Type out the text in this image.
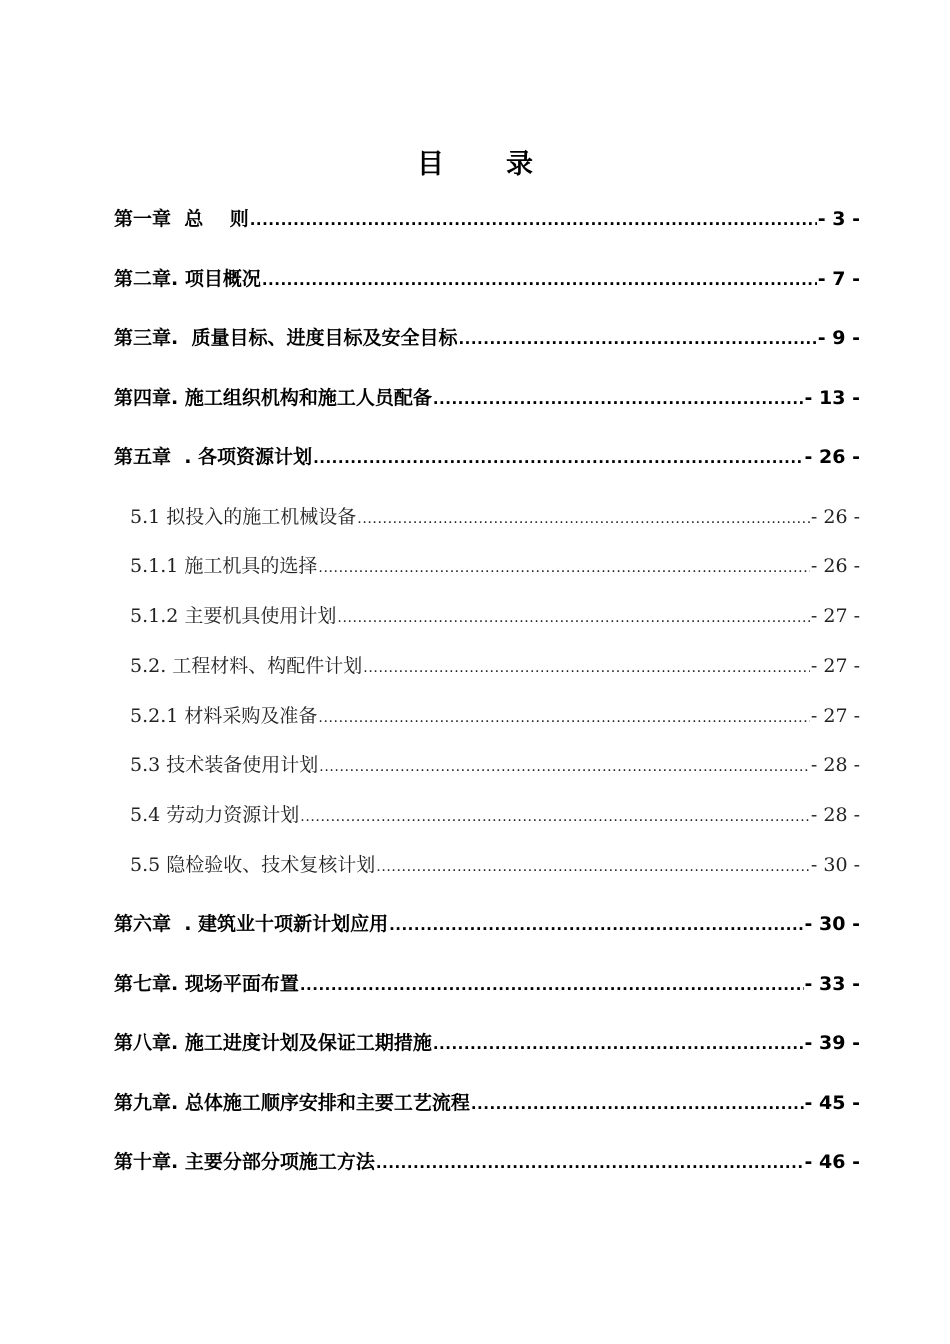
目 录
第一章  总    则 .....	- 3 -
第二章. 项目概况 .....	- 7 -
第三章.  质量目标、进度目标及安全目标 .....	- 9 -
第四章. 施工组织机构和施工人员配备 .....	- 13 -
第五章  . 各项资源计划 .....	- 26 -
5.1 拟投入的施工机械设备 .....	- 26 -
5.1.1 施工机具的选择 .....	- 26 -
5.1.2 主要机具使用计划 .....	- 27 -
5.2. 工程材料、构配件计划 .....	- 27 -
5.2.1 材料采购及准备 .....	- 27 -
5.3 技术装备使用计划 .....	- 28 -
5.4 劳动力资源计划 .....	- 28 -
5.5 隐检验收、技术复核计划 .....	- 30 -
第六章  . 建筑业十项新计划应用 .....	- 30 -
第七章. 现场平面布置 .....	- 33 -
第八章. 施工进度计划及保证工期措施 .....	- 39 -
第九章. 总体施工顺序安排和主要工艺流程 .....	- 45 -
第十章. 主要分部分项施工方法 .....	- 46 -
